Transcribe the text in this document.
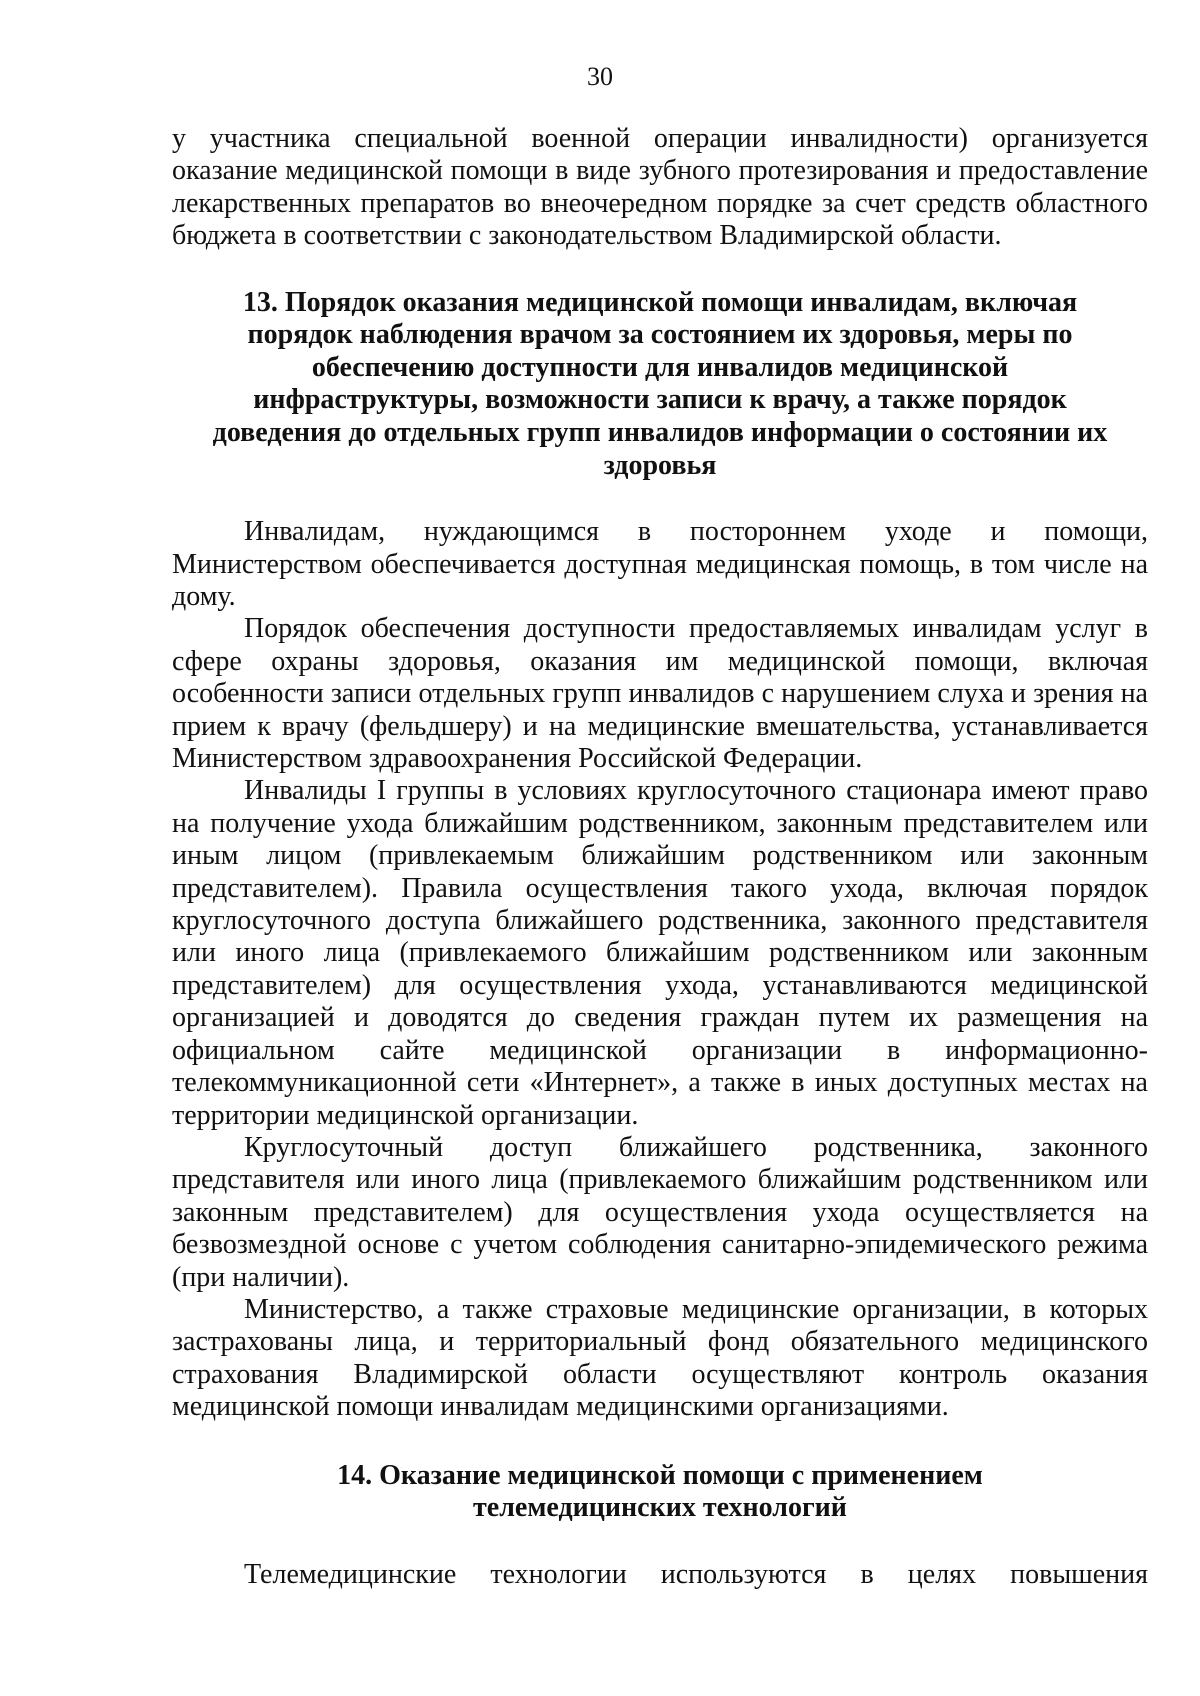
30

у участника специальной военной операции инвалидности) организуется оказание медицинской помощи в виде зубного протезирования и предоставление лекарственных препаратов во внеочередном порядке за счет средств областного бюджета в соответствии с законодательством Владимирской области.

13. Порядок оказания медицинской помощи инвалидам, включая порядок наблюдения врачом за состоянием их здоровья, меры по обеспечению доступности для инвалидов медицинской инфраструктуры, возможности записи к врачу, а также порядок доведения до отдельных групп инвалидов информации о состоянии их здоровья

Инвалидам, нуждающимся в постороннем уходе и помощи, Министерством обеспечивается доступная медицинская помощь, в том числе на дому.

Порядок обеспечения доступности предоставляемых инвалидам услуг в сфере охраны здоровья, оказания им медицинской помощи, включая особенности записи отдельных групп инвалидов с нарушением слуха и зрения на прием к врачу (фельдшеру) и на медицинские вмешательства, устанавливается Министерством здравоохранения Российской Федерации.

Инвалиды I группы в условиях круглосуточного стационара имеют право на получение ухода ближайшим родственником, законным представителем или иным лицом (привлекаемым ближайшим родственником или законным представителем). Правила осуществления такого ухода, включая порядок круглосуточного доступа ближайшего родственника, законного представителя или иного лица (привлекаемого ближайшим родственником или законным представителем) для осуществления ухода, устанавливаются медицинской организацией и доводятся до сведения граждан путем их размещения на официальном сайте медицинской организации в информационно-телекоммуникационной сети «Интернет», а также в иных доступных местах на территории медицинской организации.

Круглосуточный доступ ближайшего родственника, законного представителя или иного лица (привлекаемого ближайшим родственником или законным представителем) для осуществления ухода осуществляется на безвозмездной основе с учетом соблюдения санитарно-эпидемического режима (при наличии).

Министерство, а также страховые медицинские организации, в которых застрахованы лица, и территориальный фонд обязательного медицинского страхования Владимирской области осуществляют контроль оказания медицинской помощи инвалидам медицинскими организациями.

14. Оказание медицинской помощи с применением телемедицинских технологий

Телемедицинские технологии используются в целях повышения
